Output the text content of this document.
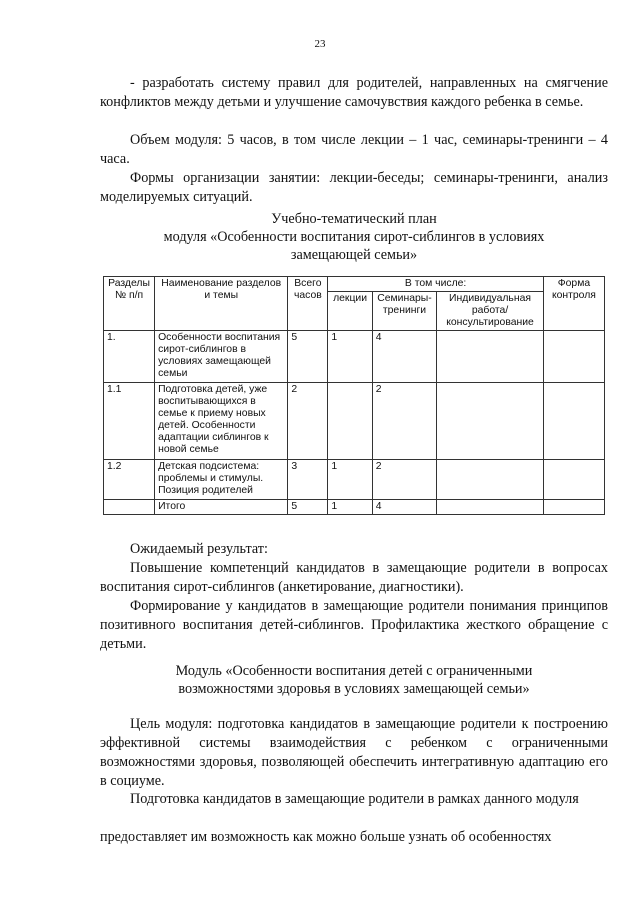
23

- разработать систему правил для родителей, направленных на смягчение конфликтов между детьми и улучшение самочувствия каждого ребенка в семье.

Объем модуля: 5 часов, в том числе лекции – 1 час, семинары-тренинги – 4 часа.

Формы организации занятии: лекции-беседы; семинары-тренинги, анализ моделируемых ситуаций.

Учебно-тематический план
модуля «Особенности воспитания сирот-сиблингов в условиях
замещающей семьи»
Разделы № п/п	Наименование разделов и темы	Всего часов	В том числе:			Форма контроля
			лекции	Семинары-тренинги	Индивидуальная работа/ консультирование	
1.	Особенности воспитания сирот-сиблингов в условиях замещающей семьи	5	1	4		
1.1	Подготовка детей, уже воспитывающихся в семье к приему новых детей. Особенности адаптации сиблингов к новой семье	2		2		
1.2	Детская подсистема: проблемы и стимулы. Позиция родителей	3	1	2		
	Итого	5	1	4		

Ожидаемый результат:

Повышение компетенций кандидатов в замещающие родители в вопросах воспитания сирот-сиблингов (анкетирование, диагностики).

Формирование у кандидатов в замещающие родители понимания принципов позитивного воспитания детей-сиблингов. Профилактика жесткого обращение с детьми.

Модуль «Особенности воспитания детей с ограниченными
возможностями здоровья в условиях замещающей семьи»

Цель модуля: подготовка кандидатов в замещающие родители к построению эффективной системы взаимодействия с ребенком с ограниченными возможностями здоровья, позволяющей обеспечить интегративную адаптацию его в социуме.

Подготовка кандидатов в замещающие родители в рамках данного модуля

предоставляет им возможность как можно больше узнать об особенностях
